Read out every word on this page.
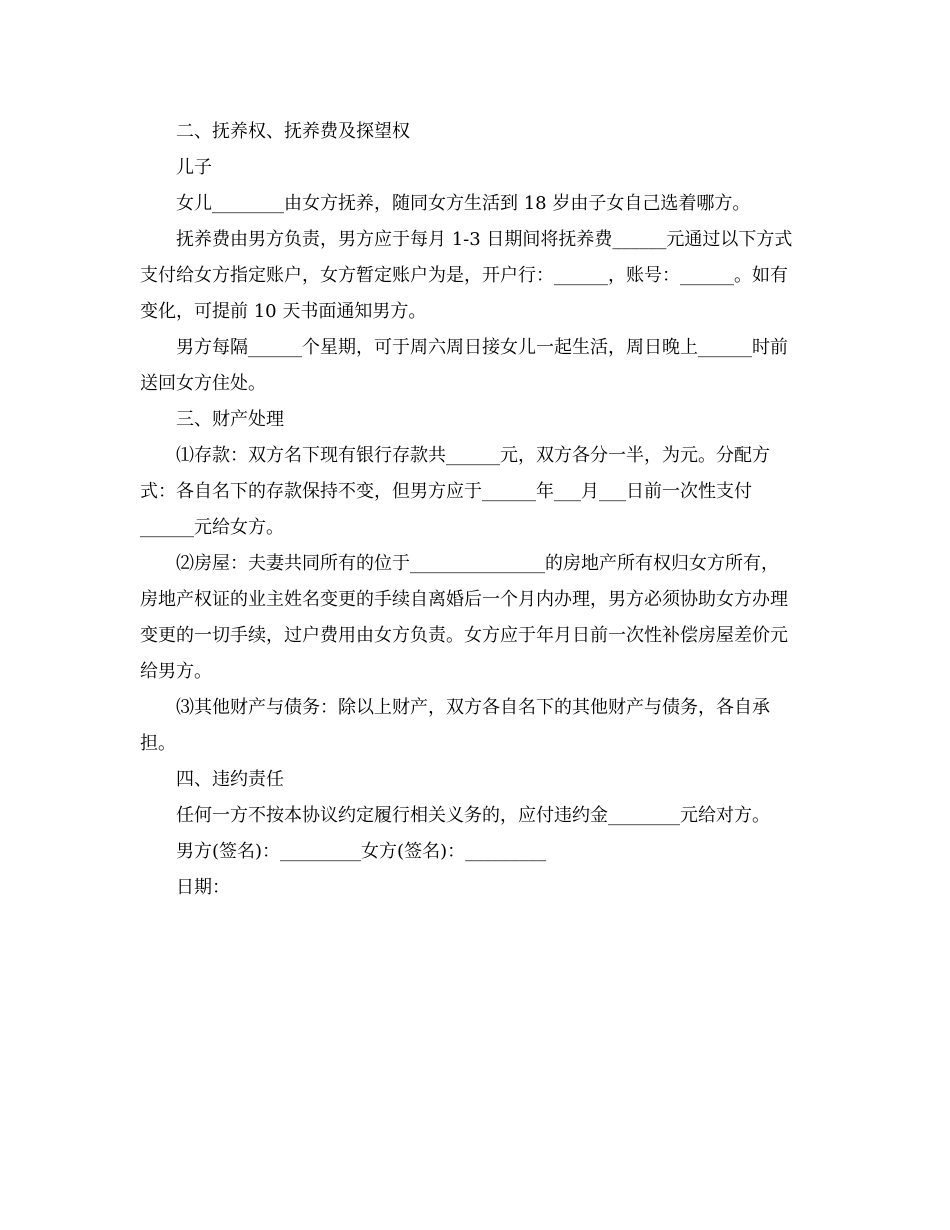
二、抚养权、抚养费及探望权

儿子

女儿________由女方抚养，随同女方生活到 18 岁由子女自己选着哪方。

抚养费由男方负责，男方应于每月 1-3 日期间将抚养费______元通过以下方式

支付给女方指定账户，女方暂定账户为是，开户行：______，账号：______。如有

变化，可提前 10 天书面通知男方。

男方每隔______个星期，可于周六周日接女儿一起生活，周日晚上______时前

送回女方住处。

三、财产处理

⑴存款：双方名下现有银行存款共______元，双方各分一半，为元。分配方

式：各自名下的存款保持不变，但男方应于______年___月___日前一次性支付

______元给女方。

⑵房屋：夫妻共同所有的位于_______________的房地产所有权归女方所有，

房地产权证的业主姓名变更的手续自离婚后一个月内办理，男方必须协助女方办理

变更的一切手续，过户费用由女方负责。女方应于年月日前一次性补偿房屋差价元

给男方。

⑶其他财产与债务：除以上财产，双方各自名下的其他财产与债务，各自承

担。

四、违约责任

任何一方不按本协议约定履行相关义务的，应付违约金________元给对方。

男方(签名)：_________女方(签名)：_________

日期：
